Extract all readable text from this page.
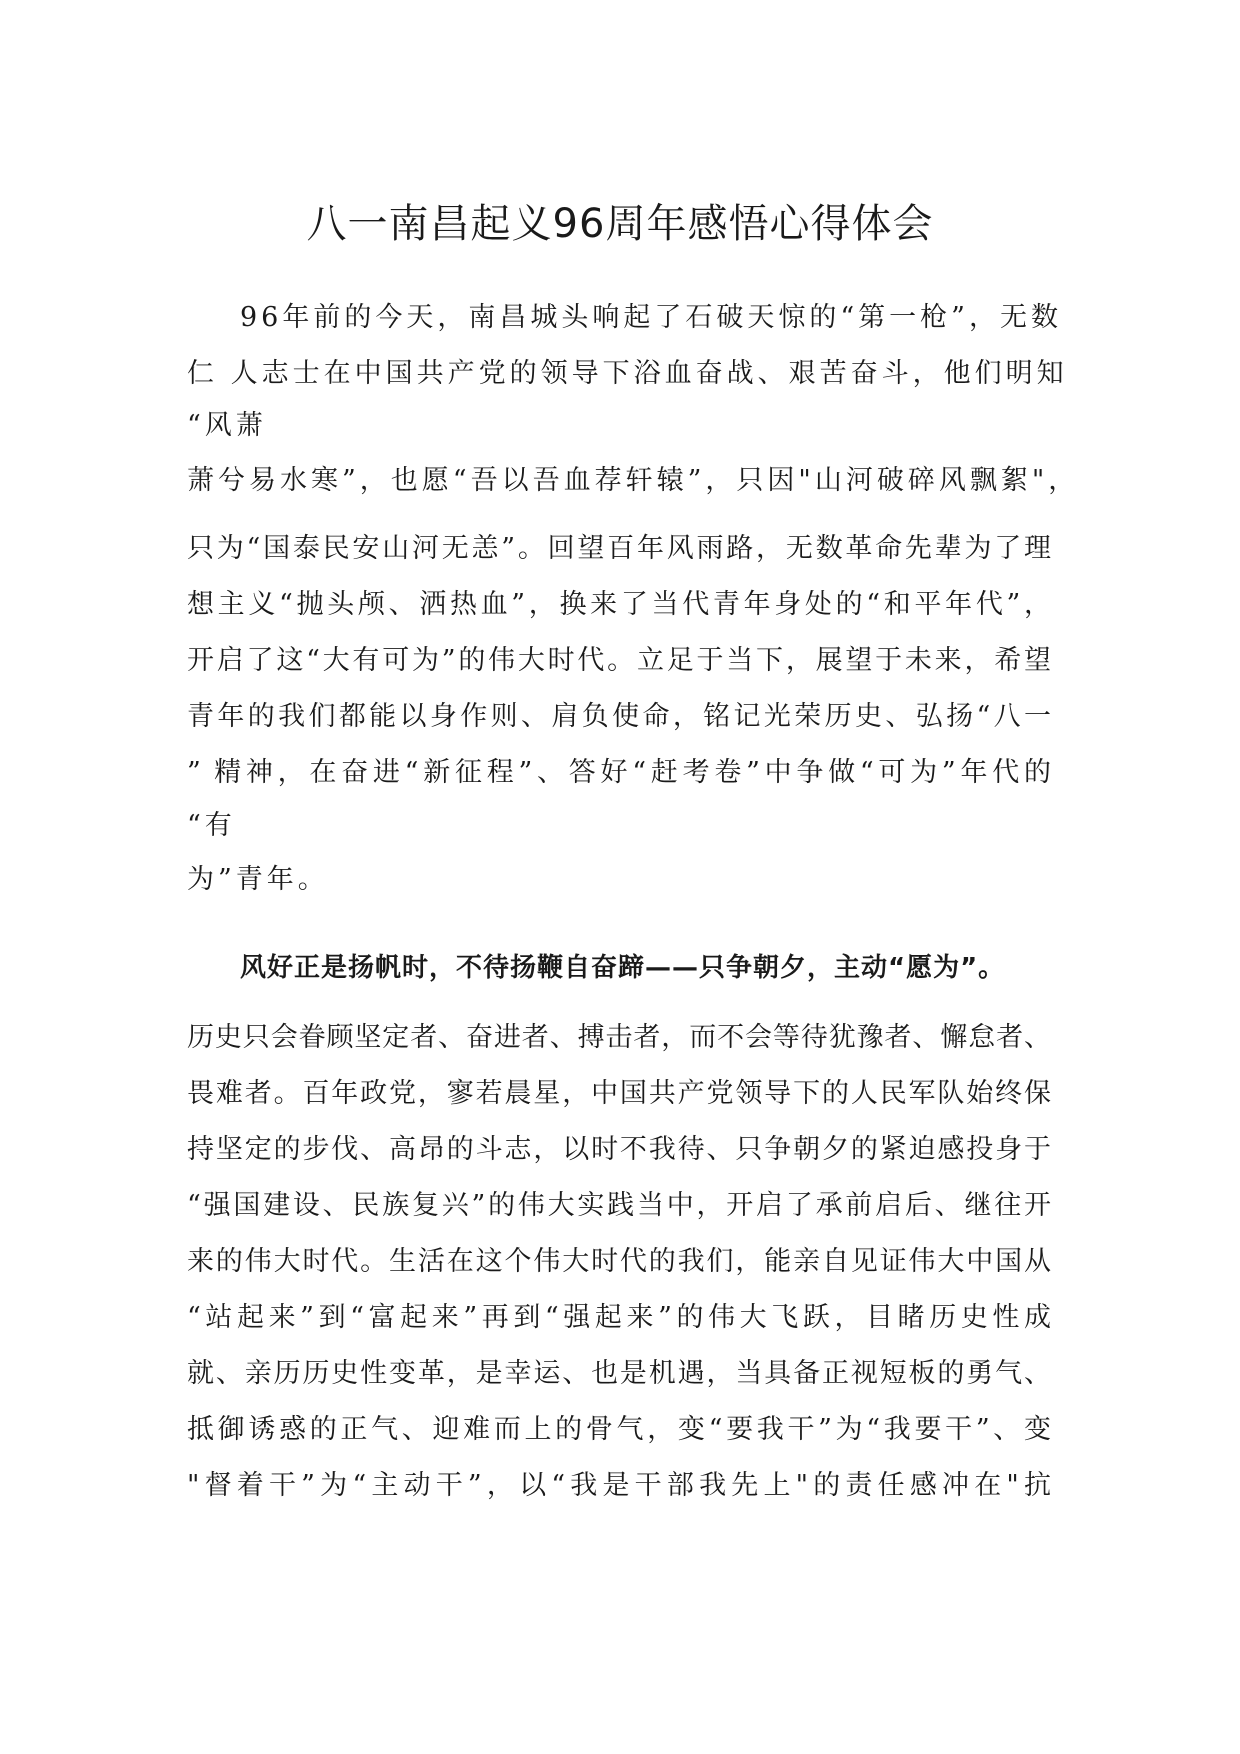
八一南昌起义96周年感悟心得体会
96年前的今天，南昌城头响起了石破天惊的“第一枪”，无数
仁 人志士在中国共产党的领导下浴血奋战、艰苦奋斗，他们明知
“风萧
萧兮易水寒”，也愿“吾以吾血荐轩辕”，只因"山河破碎风飘絮"，
只为“国泰民安山河无恙”。回望百年风雨路，无数革命先辈为了理
想主义“抛头颅、洒热血”，换来了当代青年身处的“和平年代”，
开启了这“大有可为”的伟大时代。立足于当下，展望于未来，希望
青年的我们都能以身作则、肩负使命，铭记光荣历史、弘扬“八一
” 精神，在奋进“新征程”、答好“赶考卷”中争做“可为”年代的
“有
为”青年。
风好正是扬帆时，不待扬鞭自奋蹄——只争朝夕，主动“愿为”。
历史只会眷顾坚定者、奋进者、搏击者，而不会等待犹豫者、懈怠者、
畏难者。百年政党，寥若晨星，中国共产党领导下的人民军队始终保
持坚定的步伐、高昂的斗志，以时不我待、只争朝夕的紧迫感投身于
“强国建设、民族复兴”的伟大实践当中，开启了承前启后、继往开
来的伟大时代。生活在这个伟大时代的我们，能亲自见证伟大中国从
“站起来”到“富起来”再到“强起来”的伟大飞跃，目睹历史性成
就、亲历历史性变革，是幸运、也是机遇，当具备正视短板的勇气、
抵御诱惑的正气、迎难而上的骨气，变“要我干”为“我要干”、变
"督着干”为“主动干”，以“我是干部我先上"的责任感冲在"抗
